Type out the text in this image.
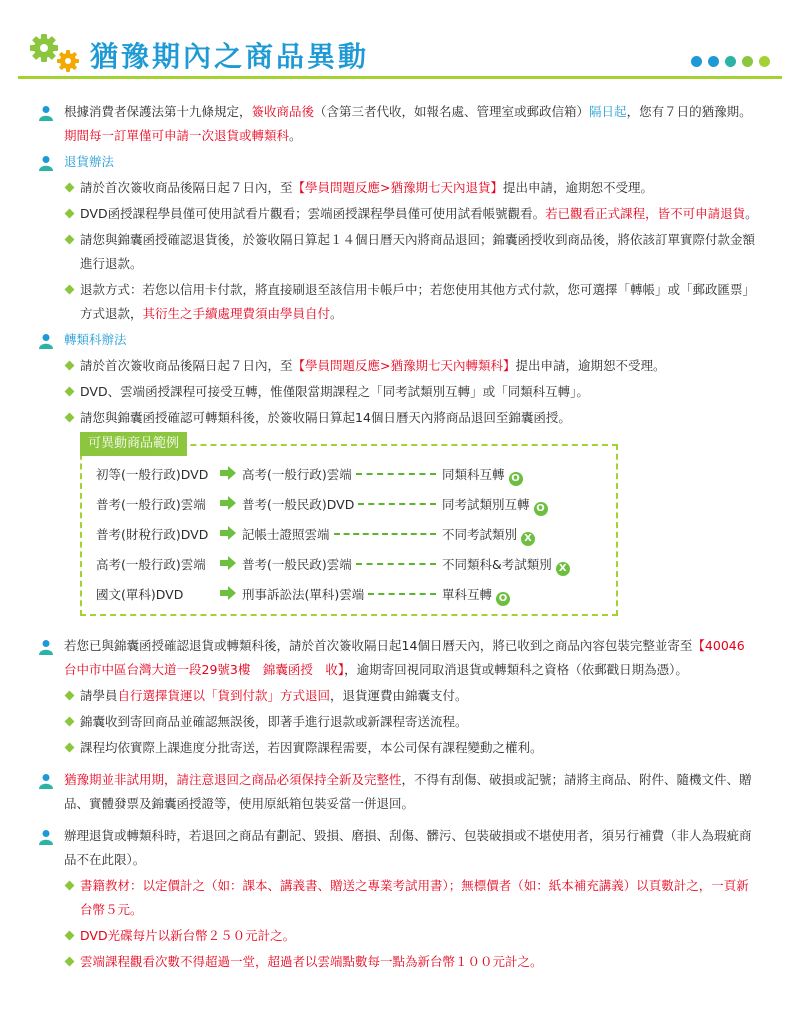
猶豫期內之商品異動
根據消費者保護法第十九條規定，簽收商品後（含第三者代收，如報名處、管理室或郵政信箱）隔日起，您有７日的猶豫期。期間每一訂單僅可申請一次退貨或轉類科。
退貨辦法
請於首次簽收商品後隔日起７日內，至【學員問題反應>猶豫期七天內退貨】提出申請，逾期恕不受理。
DVD函授課程學員僅可使用試看片觀看；雲端函授課程學員僅可使用試看帳號觀看。若已觀看正式課程，皆不可申請退貨。
請您與錦囊函授確認退貨後，於簽收隔日算起１４個日曆天內將商品退回；錦囊函授收到商品後，將依該訂單實際付款金額進行退款。
退款方式：若您以信用卡付款，將直接刷退至該信用卡帳戶中；若您使用其他方式付款，您可選擇「轉帳」或「郵政匯票」方式退款，其衍生之手續處理費須由學員自付。
轉類科辦法
請於首次簽收商品後隔日起７日內，至【學員問題反應>猶豫期七天內轉類科】提出申請，逾期恕不受理。
DVD、雲端函授課程可接受互轉，惟僅限當期課程之「同考試類別互轉」或「同類科互轉」。
請您與錦囊函授確認可轉類科後，於簽收隔日算起14個日曆天內將商品退回至錦囊函授。
可異動商品範例
初等(一般行政)DVD	高考(一般行政)雲端	同類科互轉 O
普考(一般行政)雲端	普考(一般民政)DVD	同考試類別互轉 O
普考(財稅行政)DVD	記帳士證照雲端	不同考試類別 X
高考(一般行政)雲端	普考(一般民政)雲端	不同類科&考試類別 X
國文(單科)DVD	刑事訴訟法(單科)雲端	單科互轉 O
若您已與錦囊函授確認退貨或轉類科後，請於首次簽收隔日起14個日曆天內，將已收到之商品內容包裝完整並寄至【40046　台中市中區台灣大道一段29號3樓　錦囊函授　收】，逾期寄回視同取消退貨或轉類科之資格（依郵戳日期為憑）。
請學員自行選擇貨運以「貨到付款」方式退回，退貨運費由錦囊支付。
錦囊收到寄回商品並確認無誤後，即著手進行退款或新課程寄送流程。
課程均依實際上課進度分批寄送，若因實際課程需要，本公司保有課程變動之權利。
猶豫期並非試用期，請注意退回之商品必須保持全新及完整性，不得有刮傷、破損或記號；請將主商品、附件、隨機文件、贈品、實體發票及錦囊函授證等，使用原紙箱包裝妥當一併退回。
辦理退貨或轉類科時，若退回之商品有劃記、毀損、磨損、刮傷、髒污、包裝破損或不堪使用者，須另行補費（非人為瑕疵商品不在此限）。
書籍教材：以定價計之（如：課本、講義書、贈送之專業考試用書）；無標價者（如：紙本補充講義）以頁數計之，一頁新台幣５元。
DVD光碟每片以新台幣２５０元計之。
雲端課程觀看次數不得超過一堂，超過者以雲端點數每一點為新台幣１００元計之。
